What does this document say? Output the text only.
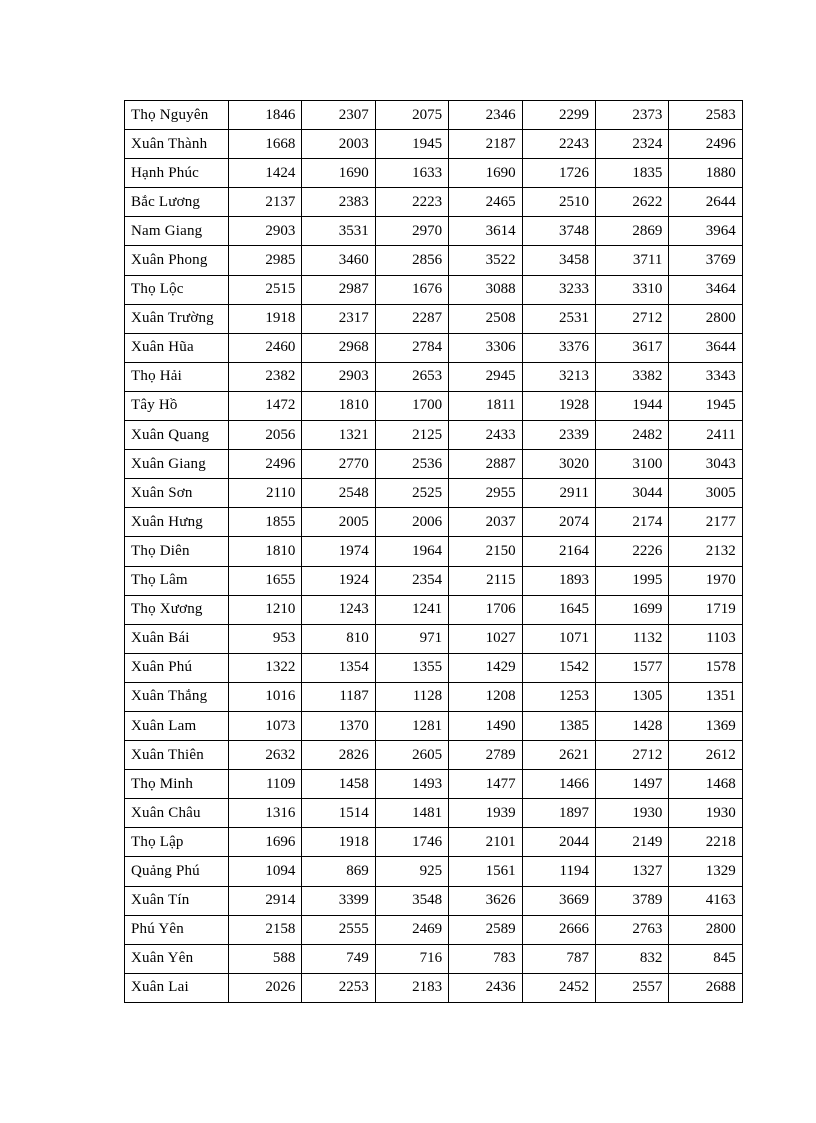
Thọ Nguyên	1846	2307	2075	2346	2299	2373	2583
Xuân Thành	1668	2003	1945	2187	2243	2324	2496
Hạnh Phúc	1424	1690	1633	1690	1726	1835	1880
Bắc Lương	2137	2383	2223	2465	2510	2622	2644
Nam Giang	2903	3531	2970	3614	3748	2869	3964
Xuân Phong	2985	3460	2856	3522	3458	3711	3769
Thọ Lộc	2515	2987	1676	3088	3233	3310	3464
Xuân Trường	1918	2317	2287	2508	2531	2712	2800
Xuân Hũa	2460	2968	2784	3306	3376	3617	3644
Thọ Hải	2382	2903	2653	2945	3213	3382	3343
Tây Hồ	1472	1810	1700	1811	1928	1944	1945
Xuân Quang	2056	1321	2125	2433	2339	2482	2411
Xuân Giang	2496	2770	2536	2887	3020	3100	3043
Xuân Sơn	2110	2548	2525	2955	2911	3044	3005
Xuân Hưng	1855	2005	2006	2037	2074	2174	2177
Thọ Diên	1810	1974	1964	2150	2164	2226	2132
Thọ Lâm	1655	1924	2354	2115	1893	1995	1970
Thọ Xương	1210	1243	1241	1706	1645	1699	1719
Xuân Bái	953	810	971	1027	1071	1132	1103
Xuân Phú	1322	1354	1355	1429	1542	1577	1578
Xuân Thắng	1016	1187	1128	1208	1253	1305	1351
Xuân Lam	1073	1370	1281	1490	1385	1428	1369
Xuân Thiên	2632	2826	2605	2789	2621	2712	2612
Thọ Minh	1109	1458	1493	1477	1466	1497	1468
Xuân Châu	1316	1514	1481	1939	1897	1930	1930
Thọ Lập	1696	1918	1746	2101	2044	2149	2218
Quảng Phú	1094	869	925	1561	1194	1327	1329
Xuân Tín	2914	3399	3548	3626	3669	3789	4163
Phú Yên	2158	2555	2469	2589	2666	2763	2800
Xuân Yên	588	749	716	783	787	832	845
Xuân Lai	2026	2253	2183	2436	2452	2557	2688
